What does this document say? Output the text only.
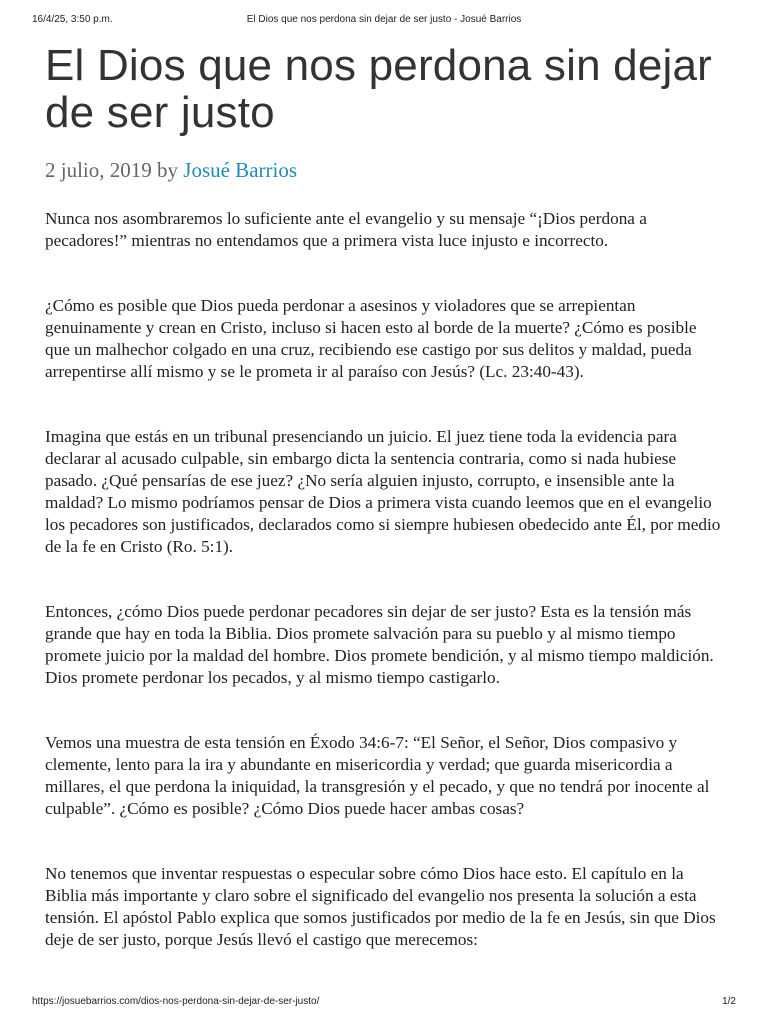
16/4/25, 3:50 p.m.	El Dios que nos perdona sin dejar de ser justo - Josué Barrios
El Dios que nos perdona sin dejar de ser justo
2 julio, 2019 by Josué Barrios

Nunca nos asombraremos lo suficiente ante el evangelio y su mensaje “¡Dios perdona a pecadores!” mientras no entendamos que a primera vista luce injusto e incorrecto.

¿Cómo es posible que Dios pueda perdonar a asesinos y violadores que se arrepientan genuinamente y crean en Cristo, incluso si hacen esto al borde de la muerte? ¿Cómo es posible que un malhechor colgado en una cruz, recibiendo ese castigo por sus delitos y maldad, pueda arrepentirse allí mismo y se le prometa ir al paraíso con Jesús? (Lc. 23:40-43).

Imagina que estás en un tribunal presenciando un juicio. El juez tiene toda la evidencia para declarar al acusado culpable, sin embargo dicta la sentencia contraria, como si nada hubiese pasado. ¿Qué pensarías de ese juez? ¿No sería alguien injusto, corrupto, e insensible ante la maldad? Lo mismo podríamos pensar de Dios a primera vista cuando leemos que en el evangelio los pecadores son justificados, declarados como si siempre hubiesen obedecido ante Él, por medio de la fe en Cristo (Ro. 5:1).

Entonces, ¿cómo Dios puede perdonar pecadores sin dejar de ser justo? Esta es la tensión más grande que hay en toda la Biblia. Dios promete salvación para su pueblo y al mismo tiempo promete juicio por la maldad del hombre. Dios promete bendición, y al mismo tiempo maldición. Dios promete perdonar los pecados, y al mismo tiempo castigarlo.

Vemos una muestra de esta tensión en Éxodo 34:6-7: “El Señor, el Señor, Dios compasivo y clemente, lento para la ira y abundante en misericordia y verdad; que guarda misericordia a millares, el que perdona la iniquidad, la transgresión y el pecado, y que no tendrá por inocente al culpable”. ¿Cómo es posible? ¿Cómo Dios puede hacer ambas cosas?

No tenemos que inventar respuestas o especular sobre cómo Dios hace esto. El capítulo en la Biblia más importante y claro sobre el significado del evangelio nos presenta la solución a esta tensión. El apóstol Pablo explica que somos justificados por medio de la fe en Jesús, sin que Dios deje de ser justo, porque Jesús llevó el castigo que merecemos:

https://josuebarrios.com/dios-nos-perdona-sin-dejar-de-ser-justo/	1/2
